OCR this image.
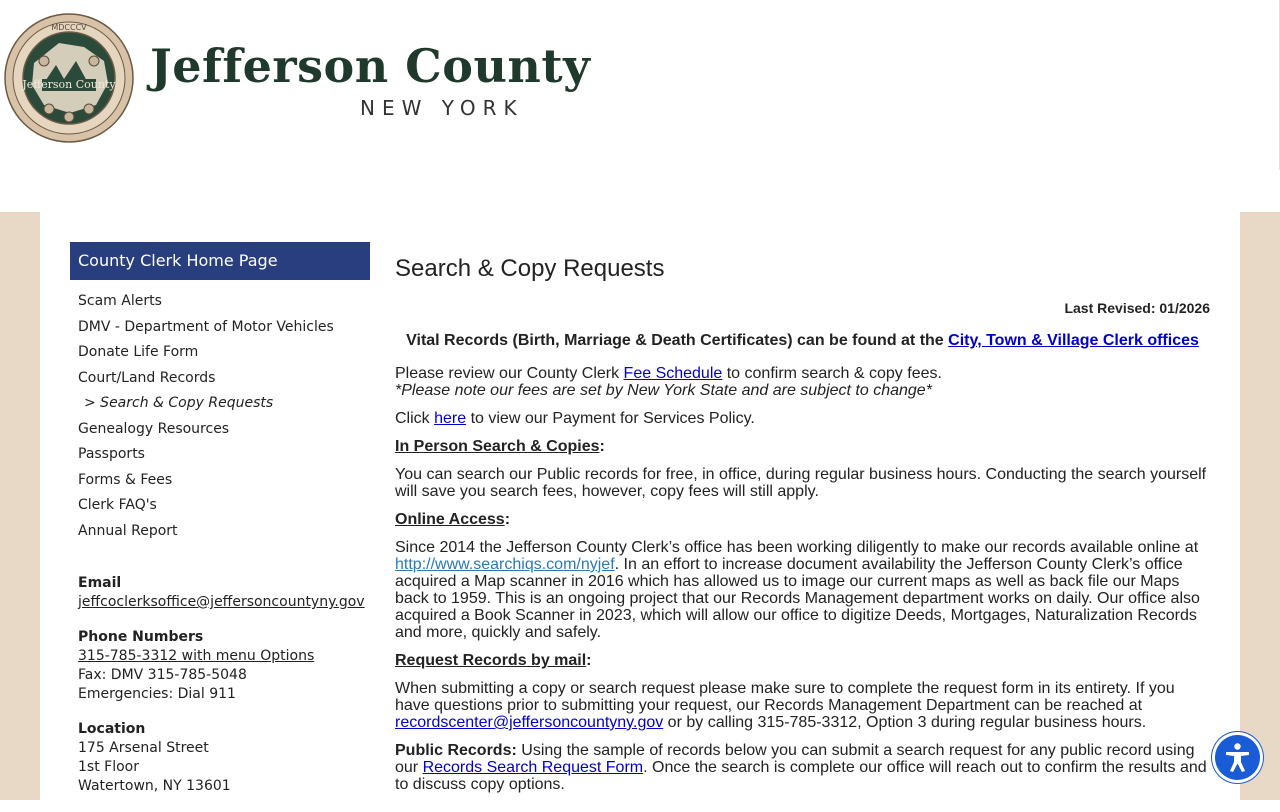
Jefferson County
MDCCCV
Jefferson County
NEW YORK
County Clerk Home Page
Scam Alerts
DMV - Department of Motor Vehicles
Donate Life Form
Court/Land Records
> Search & Copy Requests
Genealogy Resources
Passports
Forms & Fees
Clerk FAQ's
Annual Report
Email
jeffcoclerksoffice@jeffersoncountyny.gov
Phone Numbers
315-785-3312 with menu Options
Fax: DMV 315-785-5048
Emergencies: Dial 911
Location
175 Arsenal Street
1st Floor
Watertown, NY 13601
Search & Copy Requests
Last Revised: 01/2026
Vital Records (Birth, Marriage & Death Certificates) can be found at the City, Town & Village Clerk offices

Please review our County Clerk Fee Schedule to confirm search & copy fees.

*Please note our fees are set by New York State and are subject to change*

Click here to view our Payment for Services Policy.

In Person Search & Copies:

You can search our Public records for free, in office, during regular business hours. Conducting the search yourself will save you search fees, however, copy fees will still apply.

Online Access:

Since 2014 the Jefferson County Clerk’s office has been working diligently to make our records available online at http://www.searchiqs.com/nyjef. In an effort to increase document availability the Jefferson County Clerk’s office acquired a Map scanner in 2016 which has allowed us to image our current maps as well as back file our Maps back to 1959. This is an ongoing project that our Records Management department works on daily. Our office also acquired a Book Scanner in 2023, which will allow our office to digitize Deeds, Mortgages, Naturalization Records and more, quickly and safely.

Request Records by mail:

When submitting a copy or search request please make sure to complete the request form in its entirety. If you have questions prior to submitting your request, our Records Management Department can be reached at recordscenter@jeffersoncountyny.gov or by calling 315-785-3312, Option 3 during regular business hours.

Public Records: Using the sample of records below you can submit a search request for any public record using our Records Search Request Form. Once the search is complete our office will reach out to confirm the results and to discuss copy options.
